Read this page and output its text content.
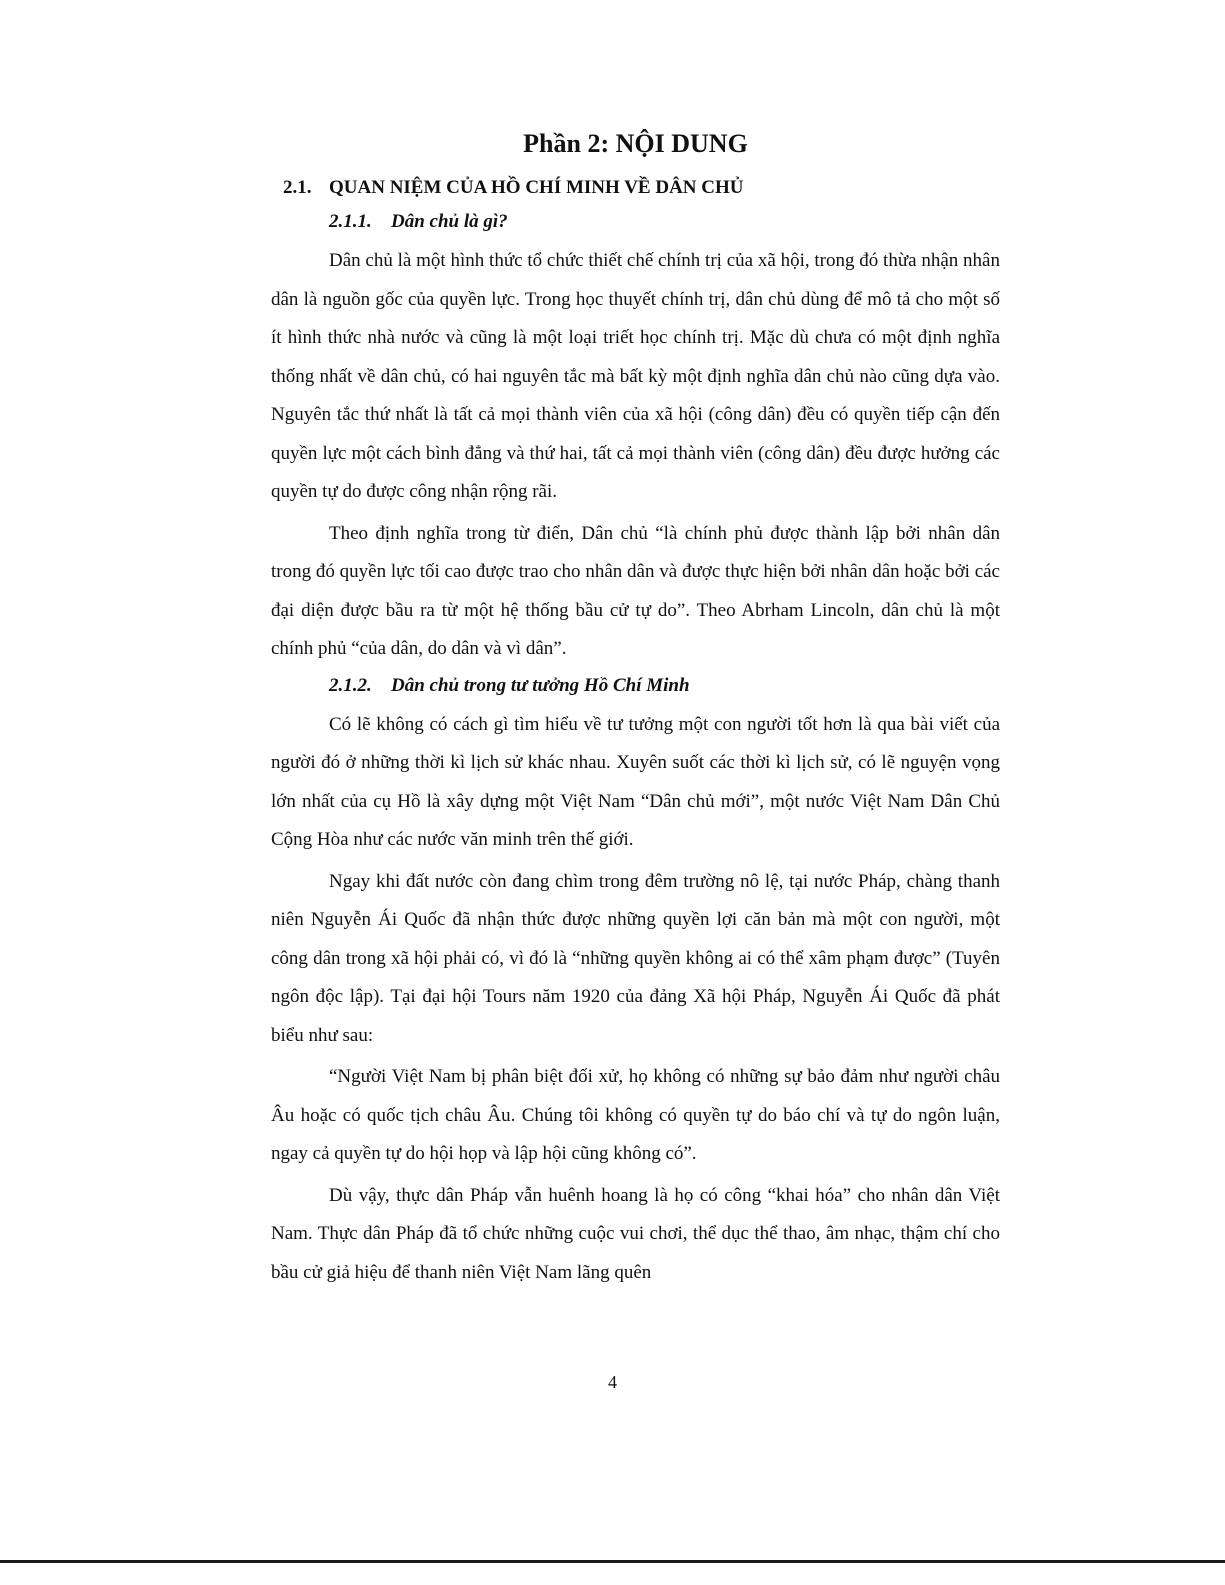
Phần 2: NỘI DUNG
2.1. QUAN NIỆM CỦA HỒ CHÍ MINH VỀ DÂN CHỦ
2.1.1. Dân chủ là gì?

Dân chủ là một hình thức tổ chức thiết chế chính trị của xã hội, trong đó thừa nhận nhân dân là nguồn gốc của quyền lực. Trong học thuyết chính trị, dân chủ dùng để mô tả cho một số ít hình thức nhà nước và cũng là một loại triết học chính trị. Mặc dù chưa có một định nghĩa thống nhất về dân chủ, có hai nguyên tắc mà bất kỳ một định nghĩa dân chủ nào cũng dựa vào. Nguyên tắc thứ nhất là tất cả mọi thành viên của xã hội (công dân) đều có quyền tiếp cận đến quyền lực một cách bình đẳng và thứ hai, tất cả mọi thành viên (công dân) đều được hưởng các quyền tự do được công nhận rộng rãi.

Theo định nghĩa trong từ điển, Dân chủ “là chính phủ được thành lập bởi nhân dân trong đó quyền lực tối cao được trao cho nhân dân và được thực hiện bởi nhân dân hoặc bởi các đại diện được bầu ra từ một hệ thống bầu cử tự do”. Theo Abrham Lincoln, dân chủ là một chính phủ “của dân, do dân và vì dân”.

2.1.2. Dân chủ trong tư tưởng Hồ Chí Minh

Có lẽ không có cách gì tìm hiểu về tư tưởng một con người tốt hơn là qua bài viết của người đó ở những thời kì lịch sử khác nhau. Xuyên suốt các thời kì lịch sử, có lẽ nguyện vọng lớn nhất của cụ Hồ là xây dựng một Việt Nam “Dân chủ mới”, một nước Việt Nam Dân Chủ Cộng Hòa như các nước văn minh trên thế giới.

Ngay khi đất nước còn đang chìm trong đêm trường nô lệ, tại nước Pháp, chàng thanh niên Nguyễn Ái Quốc đã nhận thức được những quyền lợi căn bản mà một con người, một công dân trong xã hội phải có, vì đó là “những quyền không ai có thể xâm phạm được” (Tuyên ngôn độc lập). Tại đại hội Tours năm 1920 của đảng Xã hội Pháp, Nguyễn Ái Quốc đã phát biểu như sau:

“Người Việt Nam bị phân biệt đối xử, họ không có những sự bảo đảm như người châu Âu hoặc có quốc tịch châu Âu. Chúng tôi không có quyền tự do báo chí và tự do ngôn luận, ngay cả quyền tự do hội họp và lập hội cũng không có”.

Dù vậy, thực dân Pháp vẫn huênh hoang là họ có công “khai hóa” cho nhân dân Việt Nam. Thực dân Pháp đã tổ chức những cuộc vui chơi, thể dục thể thao, âm nhạc, thậm chí cho bầu cử giả hiệu để thanh niên Việt Nam lãng quên

4
